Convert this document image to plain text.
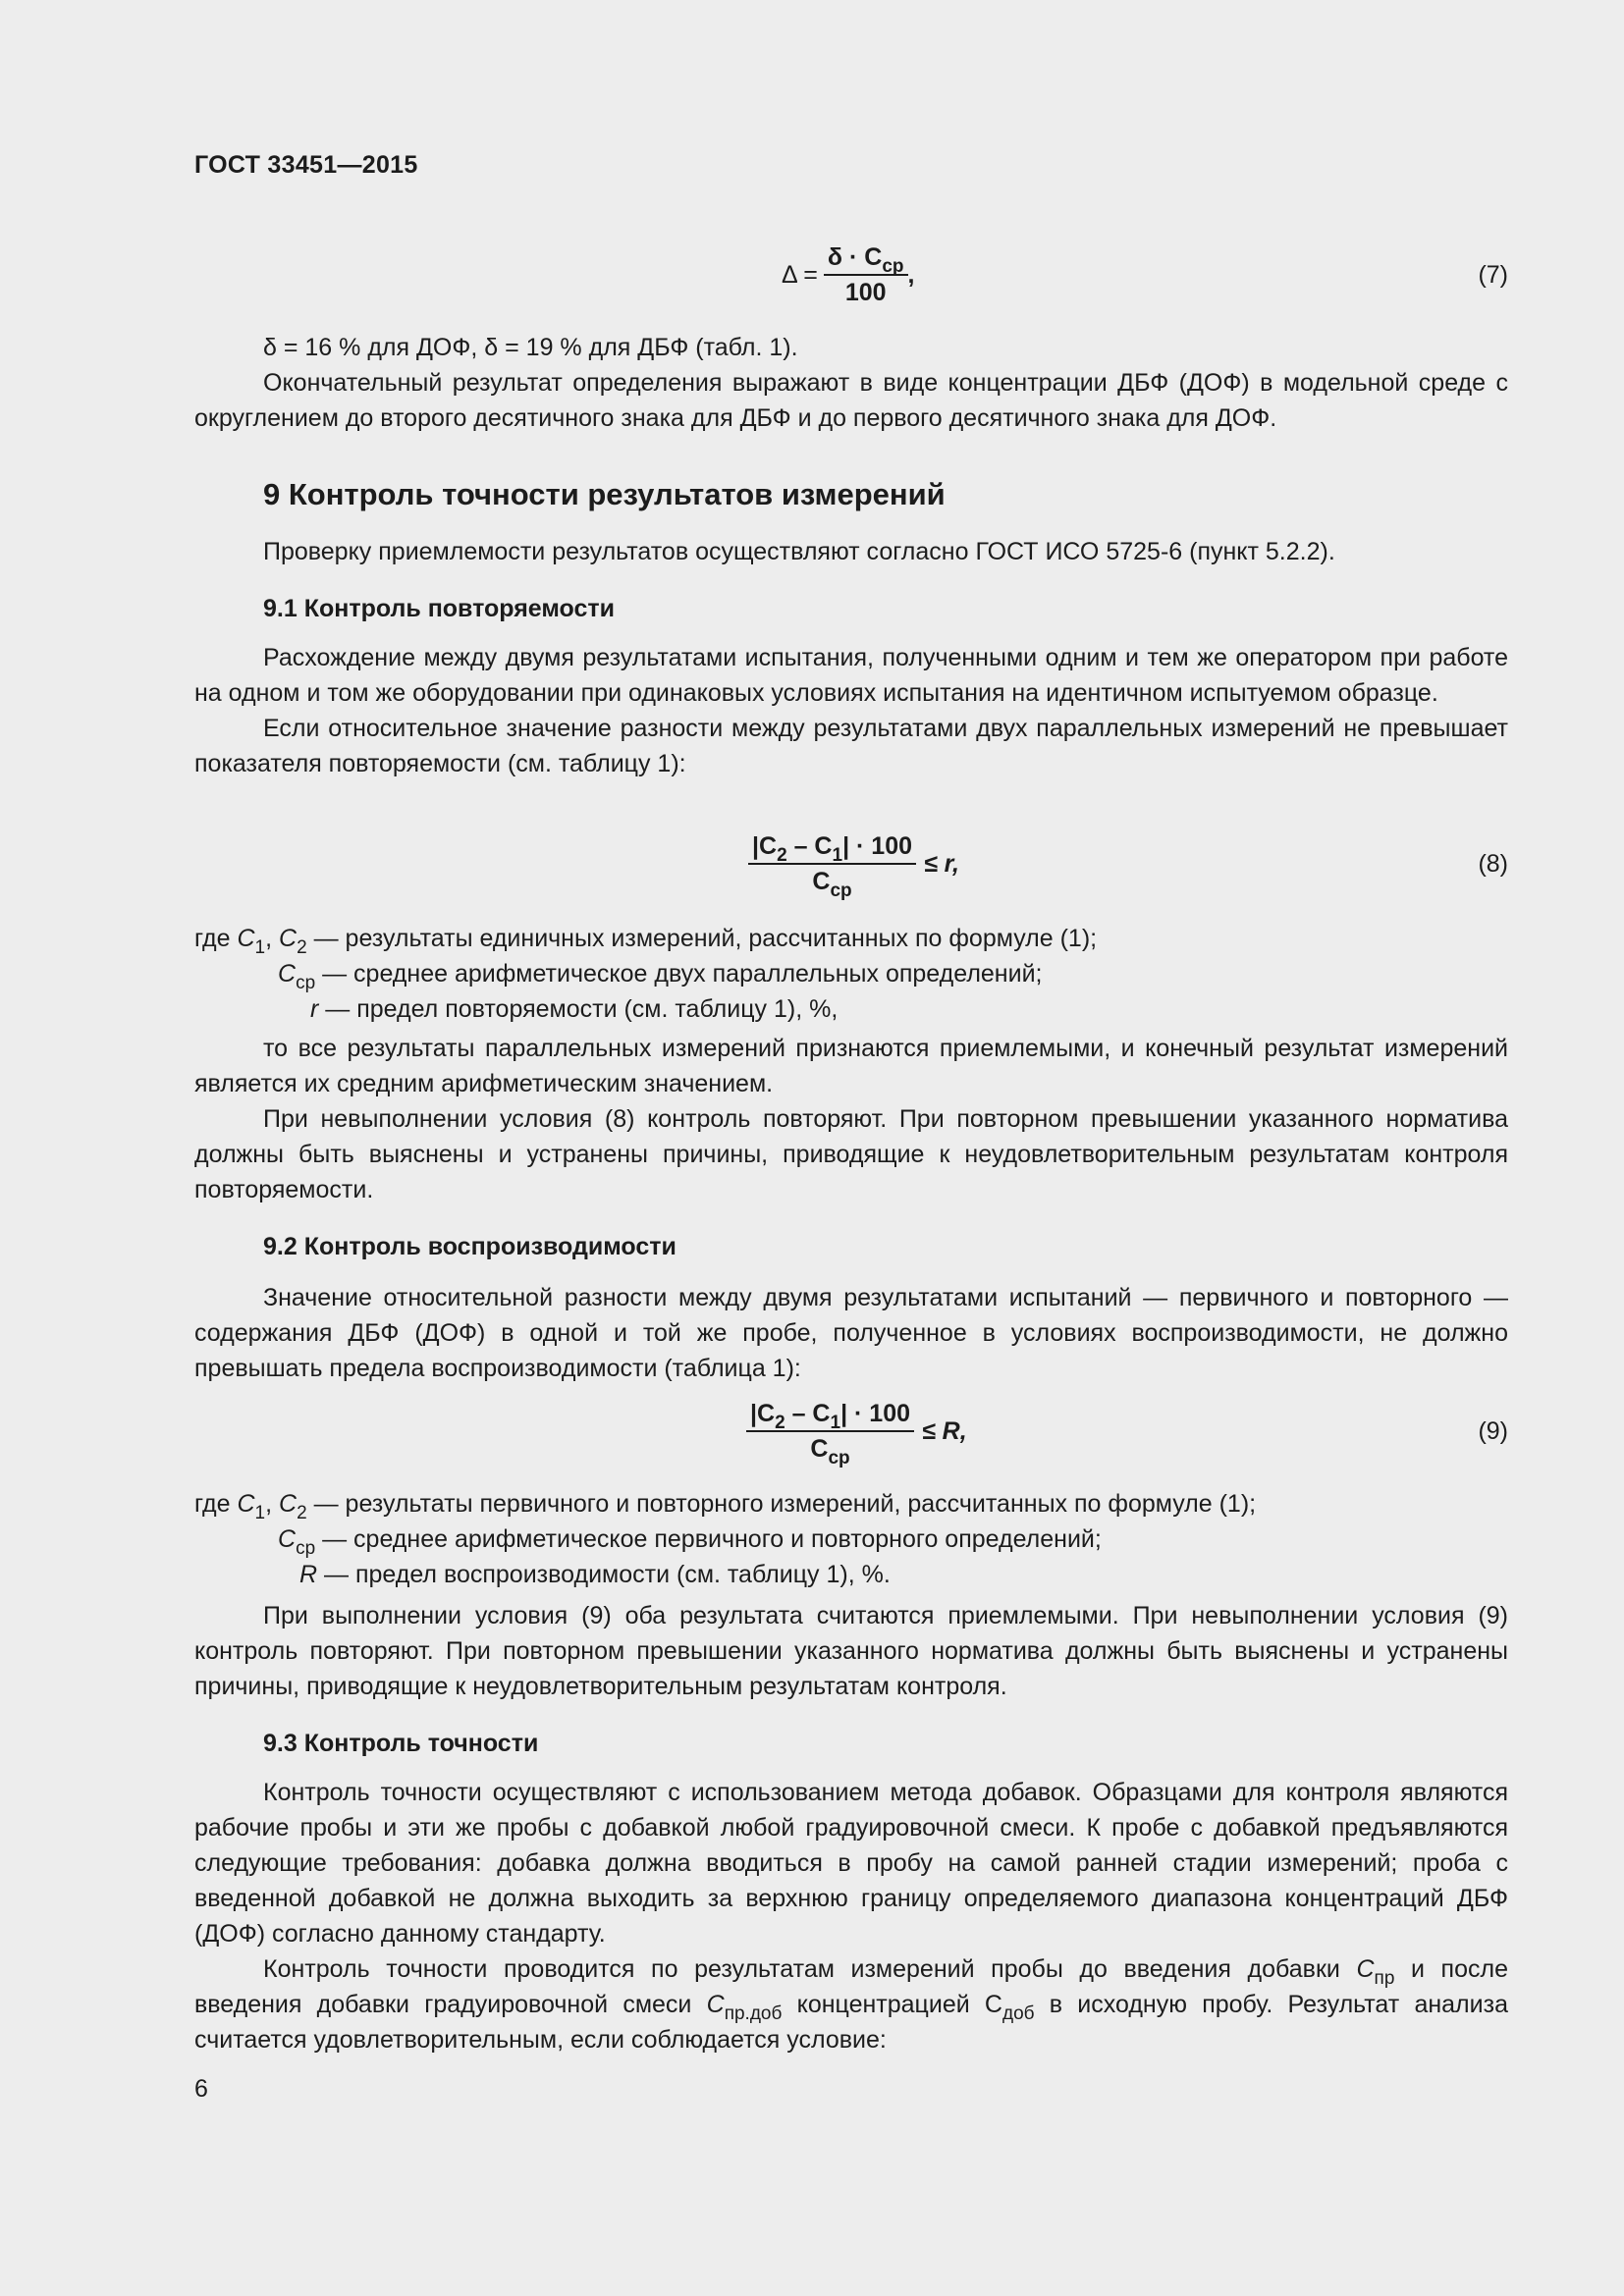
ГОСТ 33451—2015
$\Delta = \frac{\delta \cdot C_{ср}}{100}$ ,	(7)

δ = 16 % для ДОФ, δ = 19 % для ДБФ (табл. 1).

Окончательный результат определения выражают в виде концентрации ДБФ (ДОФ) в модельной среде с округлением до второго десятичного знака для ДБФ и до первого десятичного знака для ДОФ.

9 Контроль точности результатов измерений

Проверку приемлемости результатов осуществляют согласно ГОСТ ИСО 5725-6 (пункт 5.2.2).

9.1 Контроль повторяемости

Расхождение между двумя результатами испытания, полученными одним и тем же оператором при работе на одном и том же оборудовании при одинаковых условиях испытания на идентичном испытуемом образце.

Если относительное значение разности между результатами двух параллельных измерений не превышает показателя повторяемости (см. таблицу 1):

$\frac{|C_2 - C_1| \cdot 100}{C_{ср}} \le r$,	(8)
где $C_1$, $C_2$ — результаты единичных измерений, рассчитанных по формуле (1);
$C_{ср}$ — среднее арифметическое двух параллельных определений;
r — предел повторяемости (см. таблицу 1), %,

то все результаты параллельных измерений признаются приемлемыми, и конечный результат измерений является их средним арифметическим значением.

При невыполнении условия (8) контроль повторяют. При повторном превышении указанного норматива должны быть выяснены и устранены причины, приводящие к неудовлетворительным результатам контроля повторяемости.

9.2 Контроль воспроизводимости

Значение относительной разности между двумя результатами испытаний — первичного и повторного — содержания ДБФ (ДОФ) в одной и той же пробе, полученное в условиях воспроизводимости, не должно превышать предела воспроизводимости (таблица 1):

$\frac{|C_2 - C_1| \cdot 100}{C_{ср}} \le R$,	(9)
где $C_1$, $C_2$ — результаты первичного и повторного измерений, рассчитанных по формуле (1);
$C_{ср}$ — среднее арифметическое первичного и повторного определений;
R — предел воспроизводимости (см. таблицу 1), %.

При выполнении условия (9) оба результата считаются приемлемыми. При невыполнении условия (9) контроль повторяют. При повторном превышении указанного норматива должны быть выяснены и устранены причины, приводящие к неудовлетворительным результатам контроля.

9.3 Контроль точности

Контроль точности осуществляют с использованием метода добавок. Образцами для контроля являются рабочие пробы и эти же пробы с добавкой любой градуировочной смеси. К пробе с добавкой предъявляются следующие требования: добавка должна вводиться в пробу на самой ранней стадии измерений; проба с введенной добавкой не должна выходить за верхнюю границу определяемого диапазона концентраций ДБФ (ДОФ) согласно данному стандарту.

Контроль точности проводится по результатам измерений пробы до введения добавки $C_{пр}$ и после введения добавки градуировочной смеси $C_{пр.доб}$ концентрацией $С_{доб}$ в исходную пробу. Результат анализа считается удовлетворительным, если соблюдается условие:

6
